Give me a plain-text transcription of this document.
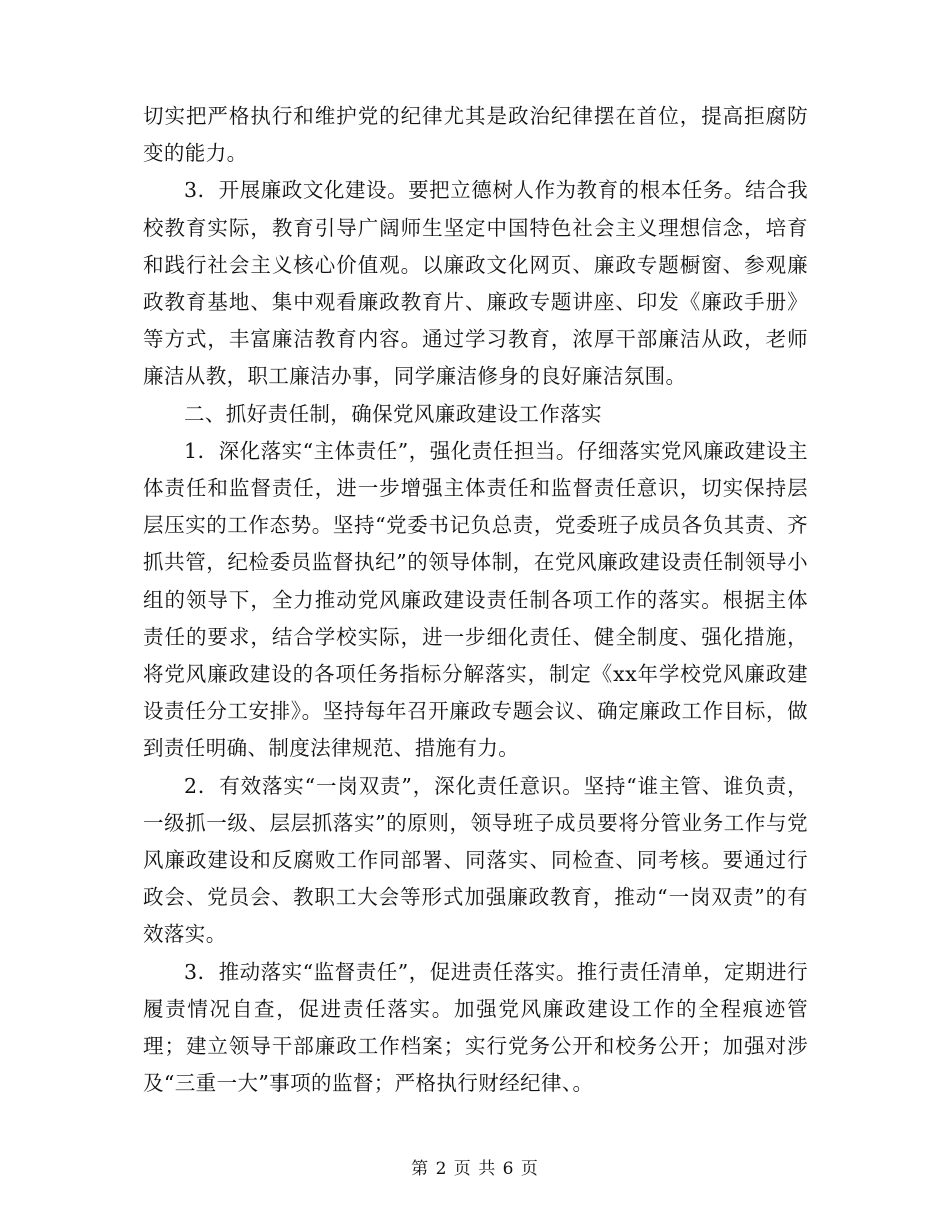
切实把严格执行和维护党的纪律尤其是政治纪律摆在首位，提高拒腐防变的能力。

3．开展廉政文化建设。要把立德树人作为教育的根本任务。结合我校教育实际，教育引导广阔师生坚定中国特色社会主义理想信念，培育和践行社会主义核心价值观。以廉政文化网页、廉政专题橱窗、参观廉政教育基地、集中观看廉政教育片、廉政专题讲座、印发《廉政手册》等方式，丰富廉洁教育内容。通过学习教育，浓厚干部廉洁从政，老师廉洁从教，职工廉洁办事，同学廉洁修身的良好廉洁氛围。

二、抓好责任制，确保党风廉政建设工作落实

1．深化落实“主体责任”，强化责任担当。仔细落实党风廉政建设主体责任和监督责任，进一步增强主体责任和监督责任意识，切实保持层层压实的工作态势。坚持“党委书记负总责，党委班子成员各负其责、齐抓共管，纪检委员监督执纪”的领导体制，在党风廉政建设责任制领导小组的领导下，全力推动党风廉政建设责任制各项工作的落实。根据主体责任的要求，结合学校实际，进一步细化责任、健全制度、强化措施，将党风廉政建设的各项任务指标分解落实，制定《xx年学校党风廉政建设责任分工安排》。坚持每年召开廉政专题会议、确定廉政工作目标，做到责任明确、制度法律规范、措施有力。

2．有效落实“一岗双责”，深化责任意识。坚持“谁主管、谁负责，一级抓一级、层层抓落实”的原则，领导班子成员要将分管业务工作与党风廉政建设和反腐败工作同部署、同落实、同检查、同考核。要通过行政会、党员会、教职工大会等形式加强廉政教育，推动“一岗双责”的有效落实。

3．推动落实“监督责任”，促进责任落实。推行责任清单，定期进行履责情况自查，促进责任落实。加强党风廉政建设工作的全程痕迹管理；建立领导干部廉政工作档案；实行党务公开和校务公开；加强对涉及“三重一大”事项的监督；严格执行财经纪律、。

第 2 页 共 6 页
